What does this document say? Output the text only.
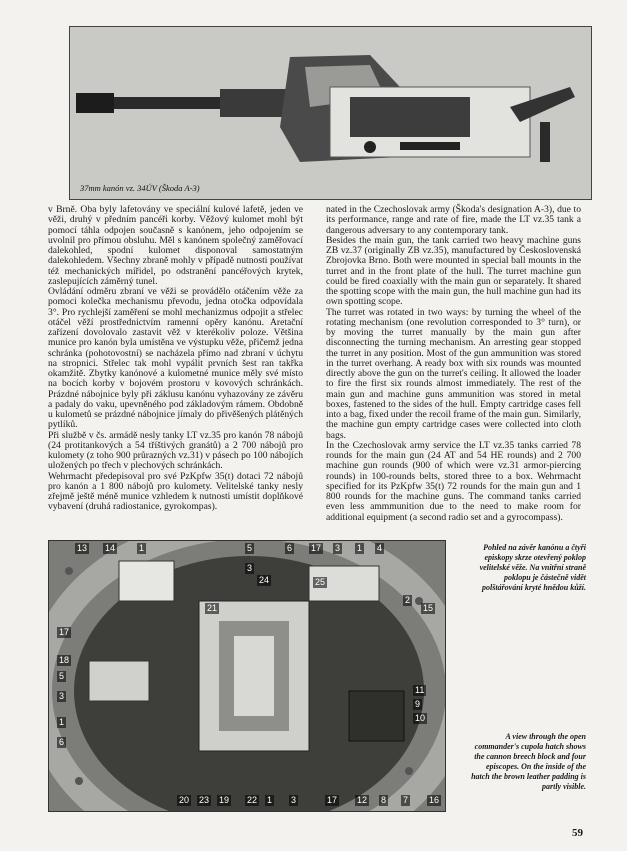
37mm kanón vz. 34ÚV (Škoda A-3)

v Brně. Oba byly lafetovány ve speciální kulové lafetě, jeden ve věži, druhý v předním pancéři korby. Věžový kulomet mohl být pomocí táhla odpojen současně s kanónem, jeho odpojením se uvolnil pro přímou obsluhu. Měl s kanónem společný zaměřovací dalekohled, spodní kulomet disponoval samostatným dalekohledem. Všechny zbraně mohly v případě nutnosti používat též mechanických mířidel, po odstranění pancéřových krytek, zaslepujících záměrný tunel.

Ovládání odměru zbraní ve věži se provádělo otáčením věže za pomoci kolečka mechanismu převodu, jedna otočka odpovídala 3°. Pro rychlejší zaměření se mohl mechanizmus odpojit a střelec otáčel věží prostřednictvím ramenní opěry kanónu. Aretační zařízení dovolovalo zastavit věž v kterékoliv poloze. Většina munice pro kanón byla umístěna ve výstupku věže, přičemž jedna schránka (pohotovostní) se nacházela přímo nad zbraní v úchytu na stropnici. Střelec tak mohl vypálit prvních šest ran takřka okamžitě. Zbytky kanónové a kulometné munice měly své místo na bocích korby v bojovém prostoru v kovových schránkách. Prázdné nábojnice byly při záklusu kanónu vyhazovány ze závěru a padaly do vaku, upevněného pod základovým rámem. Obdobně u kulometů se prázdné nábojnice jímaly do přivěšených plátěných pytlíků.

Při službě v čs. armádě nesly tanky LT vz.35 pro kanón 78 nábojů (24 protitankových a 54 tříštivých granátů) a 2 700 nábojů pro kulomety (z toho 900 průrazných vz.31) v pásech po 100 nábojích uložených po třech v plechových schránkách.

Wehrmacht předepisoval pro své PzKpfw 35(t) dotaci 72 nábojů pro kanón a 1 800 nábojů pro kulomety. Velitelské tanky nesly zřejmě ještě méně munice vzhledem k nutnosti umístit doplňkové vybavení (druhá radiostanice, gyrokompas).

nated in the Czechoslovak army (Škoda's designation A-3), due to its performance, range and rate of fire, made the LT vz.35 tank a dangerous adversary to any contemporary tank.

Besides the main gun, the tank carried two heavy machine guns ZB vz.37 (originally ZB vz.35), manufactured by Československá Zbrojovka Brno. Both were mounted in special ball mounts in the turret and in the front plate of the hull. The turret machine gun could be fired coaxially with the main gun or separately. It shared the spotting scope with the main gun, the hull machine gun had its own spotting scope.

The turret was rotated in two ways: by turning the wheel of the rotating mechanism (one revolution corresponded to 3° turn), or by moving the turret manually by the main gun after disconnecting the turning mechanism. An arresting gear stopped the turret in any position. Most of the gun ammunition was stored in the turret overhang. A ready box with six rounds was mounted directly above the gun on the turret's ceiling. It allowed the loader to fire the first six rounds almost immediately. The rest of the main gun and machine guns ammunition was stored in metal boxes, fastened to the sides of the hull. Empty cartridge cases fell into a bag, fixed under the recoil frame of the main gun. Similarly, the machine gun empty cartridge cases were collected into cloth bags.

In the Czechoslovak army service the LT vz.35 tanks carried 78 rounds for the main gun (24 AT and 54 HE rounds) and 2 700 machine gun rounds (900 of which were vz.31 armor-piercing rounds) in 100-rounds belts, stored three to a box. Wehrmacht specified for its PzKpfw 35(t) 72 rounds for the main gun and 1 800 rounds for the machine guns. The command tanks carried even less ammmunition due to the need to make room for additional equipment (a second radio set and a gyrocompass).

13 14	1	5	6 17 3 1 4
2
3
24	25
21	15
17
18
5
3
1
6
11
9
10
20 23 19 22 1 3	17 12 8 7 16
Pohled na závěr kanónu a čtyři episkopy skrze otevřený poklop velitelské věže. Na vnitřní straně poklopu je částečně vidět polštářování kryté hnědou kůží.
A view through the open commander's cupola hatch shows the cannon breech block and four episcopes. On the inside of the hatch the brown leather padding is partly visible.
59
